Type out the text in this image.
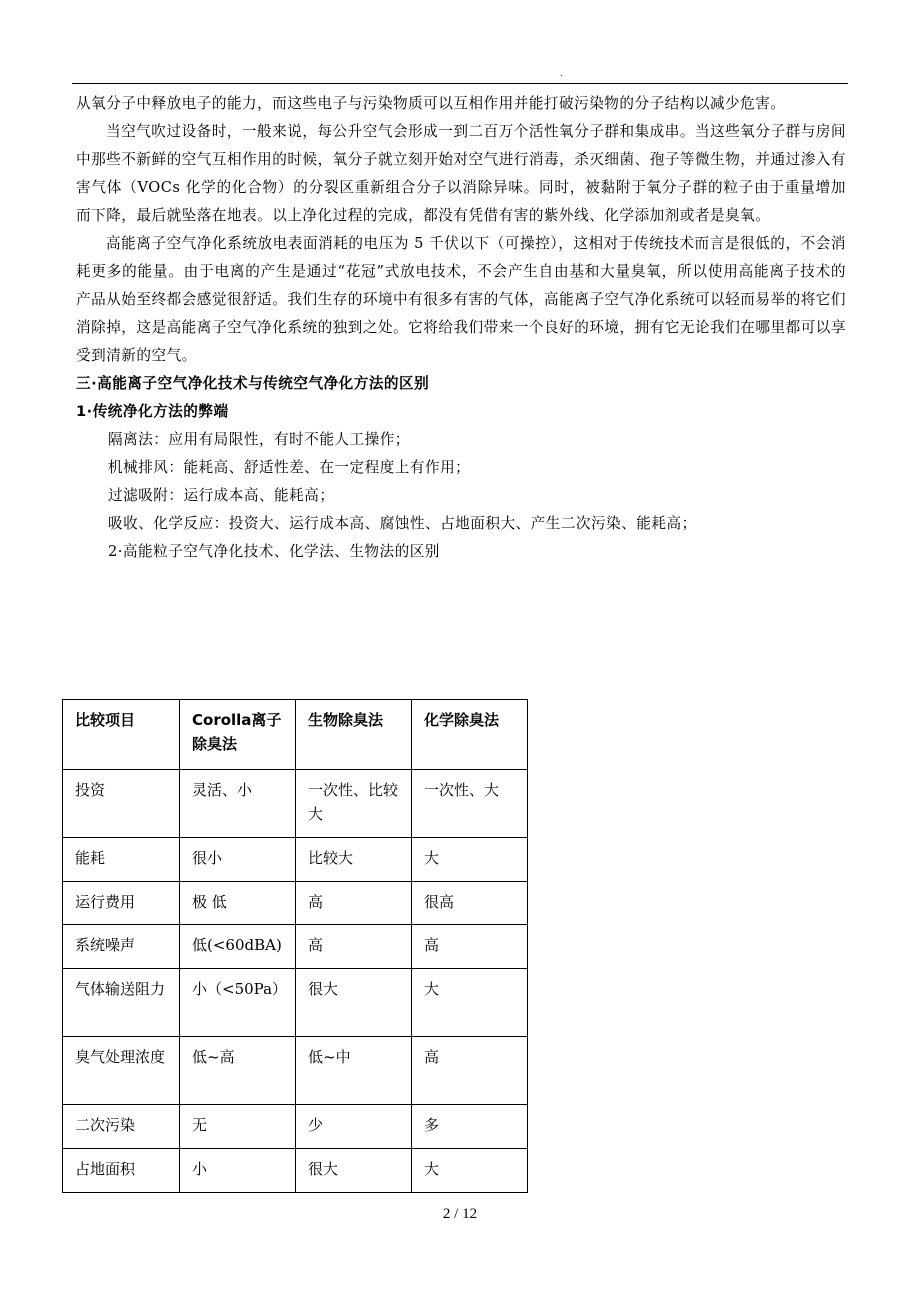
.

从氧分子中释放电子的能力，而这些电子与污染物质可以互相作用并能打破污染物的分子结构以减少危害。

当空气吹过设备时，一般来说，每公升空气会形成一到二百万个活性氧分子群和集成串。当这些氧分子群与房间中那些不新鲜的空气互相作用的时候，氧分子就立刻开始对空气进行消毒，杀灭细菌、孢子等微生物，并通过渗入有害气体（VOCs 化学的化合物）的分裂区重新组合分子以消除异味。同时，被黏附于氧分子群的粒子由于重量增加而下降，最后就坠落在地表。以上净化过程的完成，都没有凭借有害的紫外线、化学添加剂或者是臭氧。

高能离子空气净化系统放电表面消耗的电压为 5 千伏以下（可操控），这相对于传统技术而言是很低的，不会消耗更多的能量。由于电离的产生是通过“花冠”式放电技术，不会产生自由基和大量臭氧，所以使用高能离子技术的产品从始至终都会感觉很舒适。我们生存的环境中有很多有害的气体，高能离子空气净化系统可以轻而易举的将它们消除掉，这是高能离子空气净化系统的独到之处。它将给我们带来一个良好的环境，拥有它无论我们在哪里都可以享受到清新的空气。

三·高能离子空气净化技术与传统空气净化方法的区别

1·传统净化方法的弊端

隔离法：应用有局限性，有时不能人工操作；

机械排风：能耗高、舒适性差、在一定程度上有作用；

过滤吸附：运行成本高、能耗高；

吸收、化学反应：投资大、运行成本高、腐蚀性、占地面积大、产生二次污染、能耗高；

2·高能粒子空气净化技术、化学法、生物法的区别

比较项目	Corolla离子除臭法	生物除臭法	化学除臭法
投资	灵活、小	一次性、比较大	一次性、大
能耗	很小	比较大	大
运行费用	极 低	高	很高
系统噪声	低(<60dBA)	高	高
气体输送阻力	小（<50Pa）	很大	大
臭气处理浓度	低~高	低~中	高
二次污染	无	少	多
占地面积	小	很大	大
2 / 12
